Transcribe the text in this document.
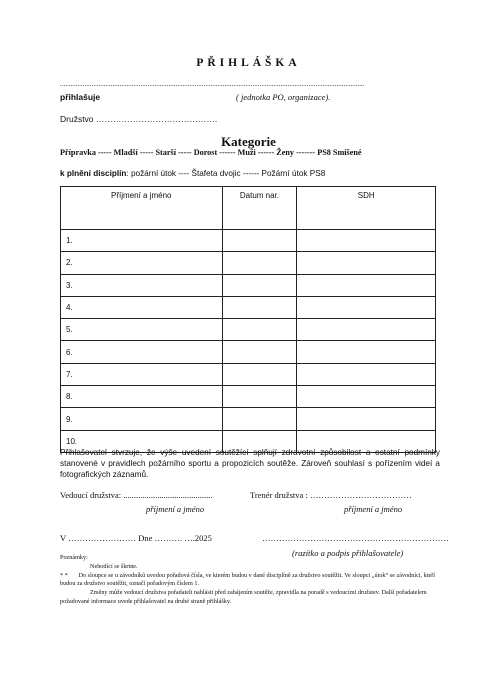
PŘIHLÁŠKA
..............................................................................................................................................................................
přihlašuje	( jednotka PO, organizace).
Družstvo …………………………………….
Kategorie
Přípravka ----- Mladší ----- Starší ----- Dorost ------ Muži ------ Ženy ------- PS8 Smíšené
k plnění disciplín: požární útok ---- Štafeta dvojic ------ Požární útok PS8
Příjmení a jméno	Datum nar.	SDH
1.		
2.		
3.		
4.		
5.		
6.		
7.		
8.		
9.		
10.		
Přihlašovatel stvrzuje, že výše uvedení soutěžící splňují zdravotní způsobilost a ostatní podmínky stanovené v pravidlech požárního sportu a propozicích soutěže. Zároveň souhlasí s pořízením videí a fotografických záznamů.
Vedoucí družstva: ..........................................
příjmení a jméno
Trenér družstva : ………………………………
příjmení a jméno
V …………………… Dne ………. ….2025	…………………………………………………………
(razítko a podpis přihlašovatele)
Poznámky:
Nehodící se škrtne.
* * Do sloupce se u závodníků uvedou pořadová čísla, ve kterém budou v dané disciplíně za družstvo soutěžit. Ve sloupci „útok“ se závodníci, kteří budou za družstvo soutěžit, označí pořadovým číslem 1.
Změny může vedoucí družstva pořadateli nahlásit před zahájením soutěže, zpravidla na poradě s vedoucími družstev. Další pořadatelem požadované informace uvede přihlašovatel na druhé straně přihlášky.
